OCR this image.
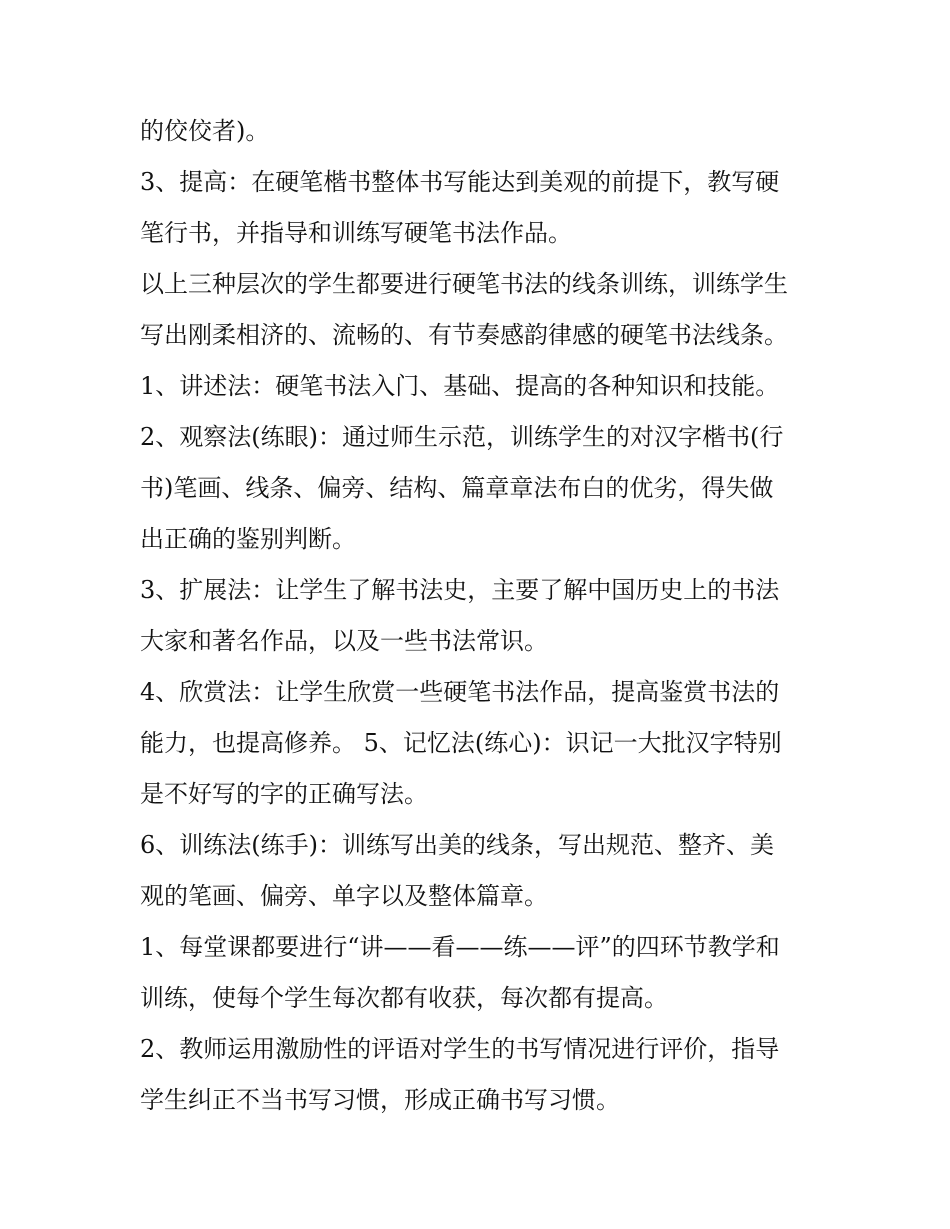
的佼佼者)。
3、提高：在硬笔楷书整体书写能达到美观的前提下，教写硬
笔行书，并指导和训练写硬笔书法作品。
以上三种层次的学生都要进行硬笔书法的线条训练，训练学生
写出刚柔相济的、流畅的、有节奏感韵律感的硬笔书法线条。
1、讲述法：硬笔书法入门、基础、提高的各种知识和技能。
2、观察法(练眼)：通过师生示范，训练学生的对汉字楷书(行
书)笔画、线条、偏旁、结构、篇章章法布白的优劣，得失做
出正确的鉴别判断。
3、扩展法：让学生了解书法史，主要了解中国历史上的书法
大家和著名作品，以及一些书法常识。
4、欣赏法：让学生欣赏一些硬笔书法作品，提高鉴赏书法的
能力，也提高修养。 5、记忆法(练心)：识记一大批汉字特别
是不好写的字的正确写法。
6、训练法(练手)：训练写出美的线条，写出规范、整齐、美
观的笔画、偏旁、单字以及整体篇章。
1、每堂课都要进行“讲——看——练——评”的四环节教学和
训练，使每个学生每次都有收获，每次都有提高。
2、教师运用激励性的评语对学生的书写情况进行评价，指导
学生纠正不当书写习惯，形成正确书写习惯。
